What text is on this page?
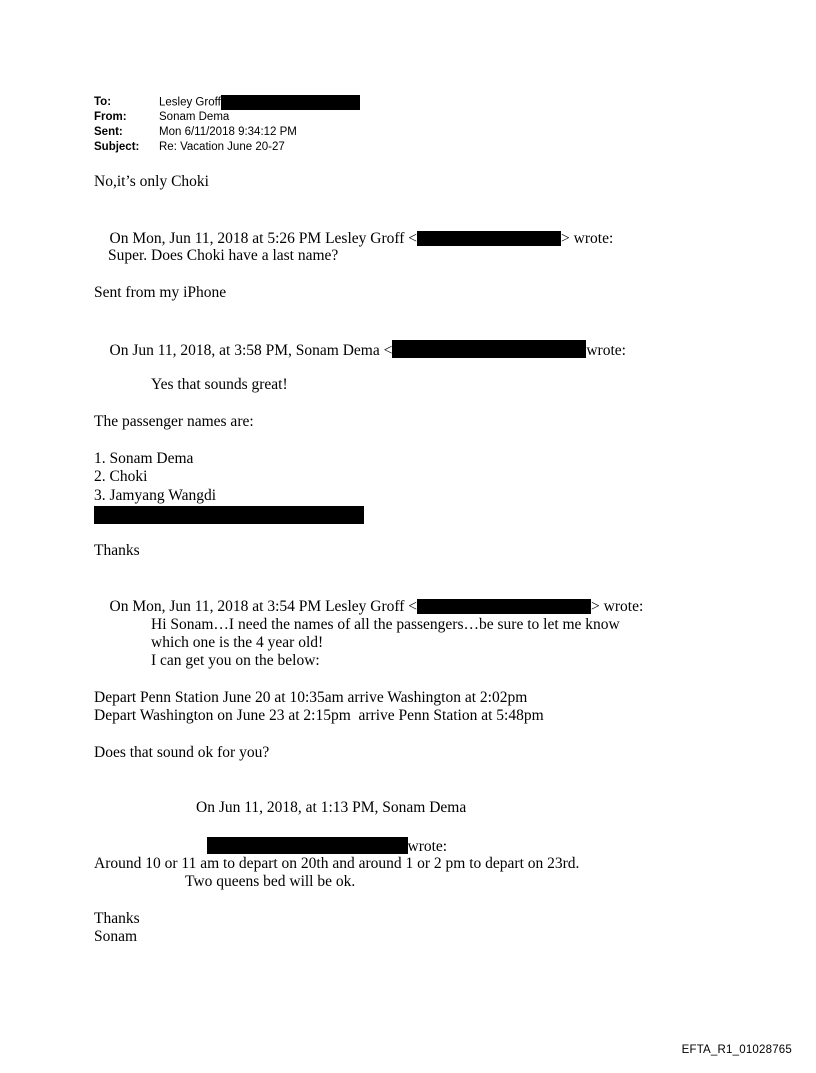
To:	Lesley Groff
From:	Sonam Dema
Sent:	Mon 6/11/2018 9:34:12 PM
Subject:	Re: Vacation June 20-27
No,it’s only Choki

On Mon, Jun 11, 2018 at 5:26 PM Lesley Groff <	> wrote:

Super. Does Choki have a last name?
Sent from my iPhone

On Jun 11, 2018, at 3:58 PM, Sonam Dema <	wrote:

Yes that sounds great!
The passenger names are:
1. Sonam Dema
2. Choki
3. Jamyang Wangdi
Thanks

On Mon, Jun 11, 2018 at 3:54 PM Lesley Groff <	> wrote:

Hi Sonam…I need the names of all the passengers…be sure to let me know
which one is the 4 year old!
I can get you on the below:
Depart Penn Station June 20 at 10:35am arrive Washington at 2:02pm
Depart Washington on June 23 at 2:15pm  arrive Penn Station at 5:48pm
Does that sound ok for you?
On Jun 11, 2018, at 1:13 PM, Sonam Dema

wrote:

Around 10 or 11 am to depart on 20th and around 1 or 2 pm to depart on 23rd.
Two queens bed will be ok.
Thanks
Sonam
EFTA_R1_01028765
